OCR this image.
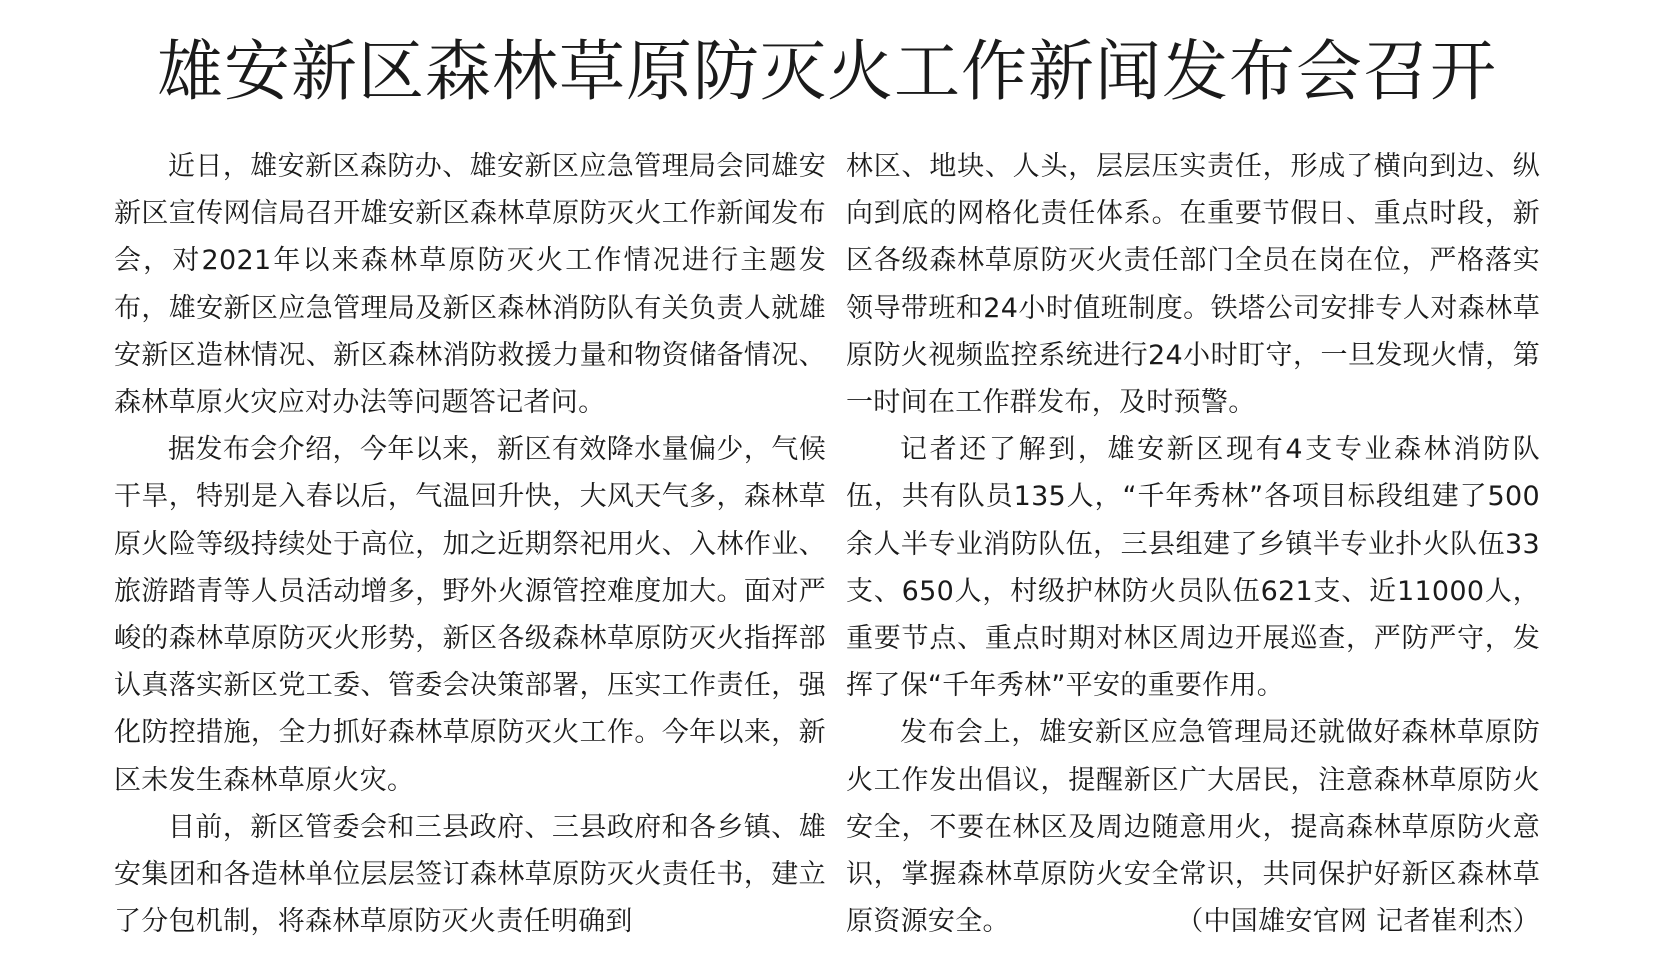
雄安新区森林草原防灭火工作新闻发布会召开

近日，雄安新区森防办、雄安新区应急管理局会同雄安新区宣传网信局召开雄安新区森林草原防灭火工作新闻发布会，对2021年以来森林草原防灭火工作情况进行主题发布，雄安新区应急管理局及新区森林消防队有关负责人就雄安新区造林情况、新区森林消防救援力量和物资储备情况、森林草原火灾应对办法等问题答记者问。

据发布会介绍，今年以来，新区有效降水量偏少，气候干旱，特别是入春以后，气温回升快，大风天气多，森林草原火险等级持续处于高位，加之近期祭祀用火、入林作业、旅游踏青等人员活动增多，野外火源管控难度加大。面对严峻的森林草原防灭火形势，新区各级森林草原防灭火指挥部认真落实新区党工委、管委会决策部署，压实工作责任，强化防控措施，全力抓好森林草原防灭火工作。今年以来，新区未发生森林草原火灾。

目前，新区管委会和三县政府、三县政府和各乡镇、雄安集团和各造林单位层层签订森林草原防灭火责任书，建立了分包机制，将森林草原防灭火责任明确到

林区、地块、人头，层层压实责任，形成了横向到边、纵向到底的网格化责任体系。在重要节假日、重点时段，新区各级森林草原防灭火责任部门全员在岗在位，严格落实领导带班和24小时值班制度。铁塔公司安排专人对森林草原防火视频监控系统进行24小时盯守，一旦发现火情，第一时间在工作群发布，及时预警。

记者还了解到，雄安新区现有4支专业森林消防队伍，共有队员135人，“千年秀林”各项目标段组建了500余人半专业消防队伍，三县组建了乡镇半专业扑火队伍33支、650人，村级护林防火员队伍621支、近11000人，重要节点、重点时期对林区周边开展巡查，严防严守，发挥了保“千年秀林”平安的重要作用。

发布会上，雄安新区应急管理局还就做好森林草原防火工作发出倡议，提醒新区广大居民，注意森林草原防火安全，不要在林区及周边随意用火，提高森林草原防火意识，掌握森林草原防火安全常识，共同保护好新区森林草原资源安全。	（中国雄安官网 记者崔利杰）
